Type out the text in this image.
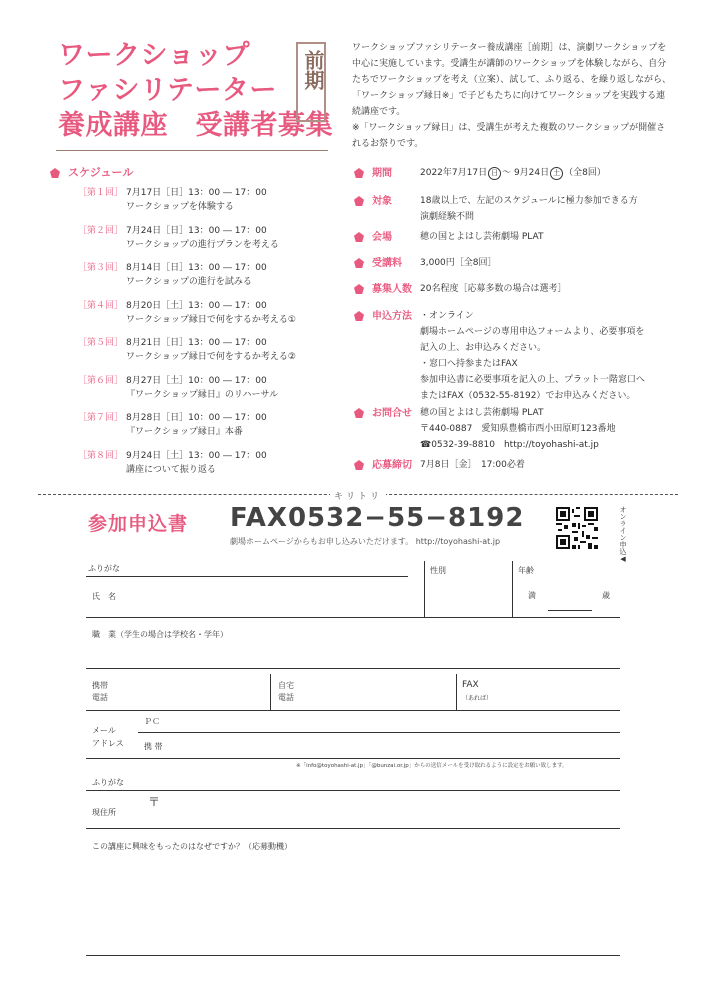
ワークショップ
ファシリテーター
養成講座　受講者募集
前期

ワークショップファシリテーター養成講座［前期］は、演劇ワークショップを中心に実施しています。受講生が講師のワークショップを体験しながら、自分たちでワークショップを考え（立案）、試して、ふり返る、を繰り返しながら、「ワークショップ縁日※」で子どもたちに向けてワークショップを実践する連続講座です。

※「ワークショップ縁日」は、受講生が考えた複数のワークショップが開催されるお祭りです。

スケジュール
［第１回］ 7月17日［日］13：00 ― 17：00
ワークショップを体験する
［第２回］ 7月24日［日］13：00 ― 17：00
ワークショップの進行プランを考える
［第３回］ 8月14日［日］13：00 ― 17：00
ワークショップの進行を試みる
［第４回］ 8月20日［土］13：00 ― 17：00
ワークショップ縁日で何をするか考える①
［第５回］ 8月21日［日］13：00 ― 17：00
ワークショップ縁日で何をするか考える②
［第６回］ 8月27日［土］10：00 ― 17：00
『ワークショップ縁日』のリハーサル
［第７回］ 8月28日［日］10：00 ― 17：00
『ワークショップ縁日』本番
［第８回］ 9月24日［土］13：00 ― 17：00
講座について振り返る
期間	2022年7月17日 日 ～ 9月24日 土 （全8回）
対象	18歳以上で、左記のスケジュールに極力参加できる方
演劇経験不問
会場	穂の国とよはし芸術劇場 PLAT
受講料 3,000円［全8回］
募集人数 20名程度［応募多数の場合は選考］
申込方法 ・オンライン
劇場ホームページの専用申込フォームより、必要事項を
記入の上、お申込みください。
・窓口へ持参またはFAX
参加申込書に必要事項を記入の上、プラット一階窓口へ
またはFAX（0532-55-8192）でお申込みください。
お問合せ 穂の国とよはし芸術劇場 PLAT
〒440-0887　愛知県豊橋市西小田原町123番地
☎0532-39-8810　http://toyohashi-at.jp
応募締切 7月8日［金］　17:00必着
キリトリ
参加申込書 FAX0532−55−8192
劇場ホームページからもお申し込みいただけます。 http://toyohashi-at.jp	オンライン申込◀
ふりがな
氏　名
性別	年齢
満	歳
職　業（学生の場合は学校名・学年）
携帯
電話
自宅
電話
FAX
（あれば）
メール
アドレス
ＰＣ
携 帯
※「info@toyohashi-at.jp」「@bunzai.or.jp」からの送信メールを受け取れるように設定をお願い致します。
ふりがな
〒
現住所
この講座に興味をもったのはなぜですか？（応募動機）
